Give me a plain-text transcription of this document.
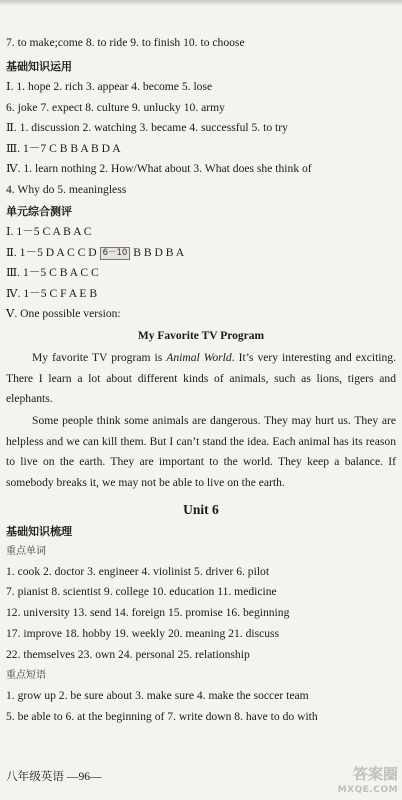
7. to make;come 8. to ride 9. to finish 10. to choose
基础知识运用
Ⅰ. 1. hope 2. rich 3. appear 4. become 5. lose
6. joke 7. expect 8. culture 9. unlucky 10. army
Ⅱ. 1. discussion 2. watching 3. became 4. successful 5. to try
Ⅲ. 1－7 C B B A B D A
Ⅳ. 1. learn nothing 2. How/What about 3. What does she think of
4. Why do 5. meaningless
单元综合测评
Ⅰ. 1－5 C A B A C
Ⅱ. 1－5 D A C C D 6－10 B B D B A
Ⅲ. 1－5 C B A C C
Ⅳ. 1－5 C F A E B
Ⅴ. One possible version:
My Favorite TV Program
My favorite TV program is Animal World. It’s very interesting and exciting. There I learn a lot about different kinds of animals, such as lions, tigers and elephants.
Some people think some animals are dangerous. They may hurt us. They are helpless and we can kill them. But I can’t stand the idea. Each animal has its reason to live on the earth. They are important to the world. They keep a balance. If somebody breaks it, we may not be able to live on the earth.
Unit 6
基础知识梳理
重点单词
1. cook 2. doctor 3. engineer 4. violinist 5. driver 6. pilot
7. pianist 8. scientist 9. college 10. education 11. medicine
12. university 13. send 14. foreign 15. promise 16. beginning
17. improve 18. hobby 19. weekly 20. meaning 21. discuss
22. themselves 23. own 24. personal 25. relationship
重点短语
1. grow up 2. be sure about 3. make sure 4. make the soccer team
5. be able to 6. at the beginning of 7. write down 8. have to do with
八年级英语 —96—	答案圈
MXQE.COM
